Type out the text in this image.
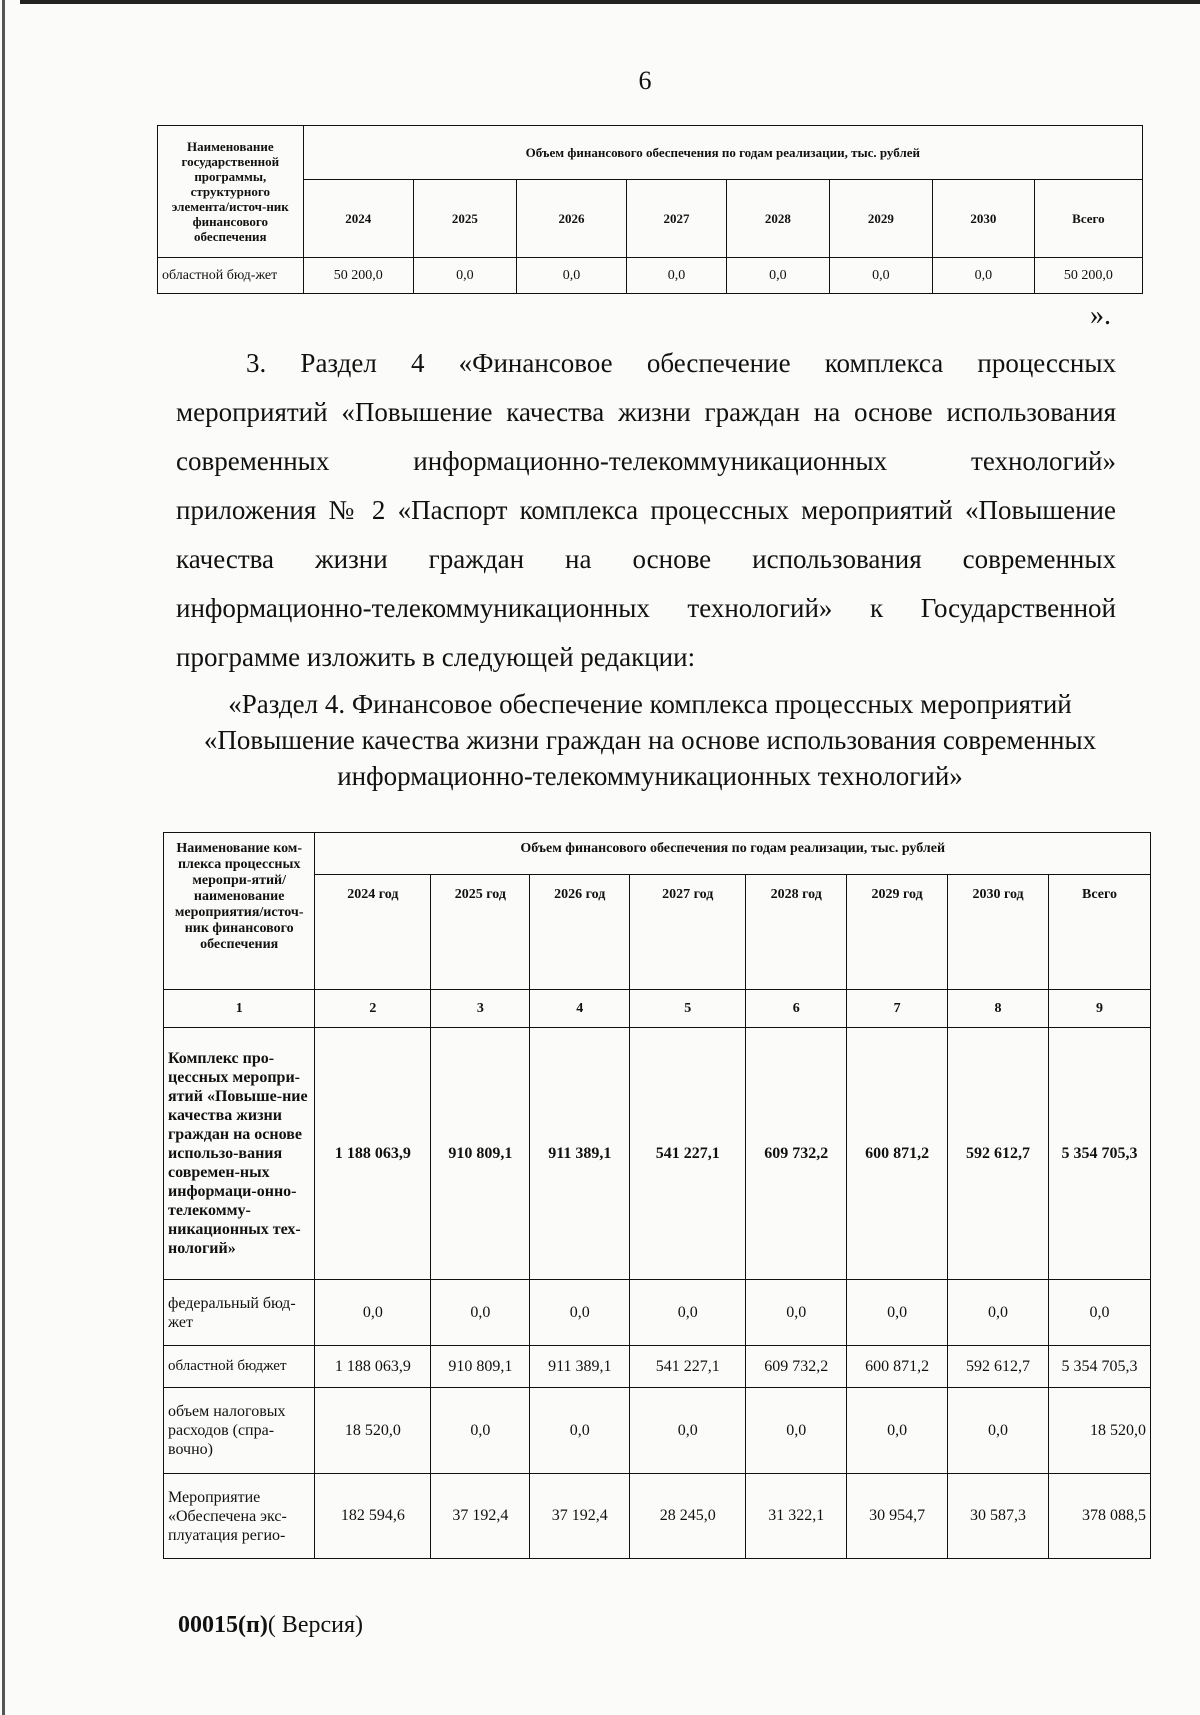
6
Наименование государственной программы, структурного элемента/источ-ник финансового обеспечения	Объем финансового обеспечения по годам реализации, тыс. рублей							
	2024	2025	2026	2027	2028	2029	2030	Всего
областной бюд-жет	50 200,0	0,0	0,0	0,0	0,0	0,0	0,0	50 200,0
».
3. Раздел 4 «Финансовое обеспечение комплекса процессных
мероприятий «Повышение качества жизни граждан на основе использования
современных информационно-телекоммуникационных технологий»
приложения № 2 «Паспорт комплекса процессных мероприятий «Повышение
качества жизни граждан на основе использования современных
информационно-телекоммуникационных технологий» к Государственной
программе изложить в следующей редакции:
«Раздел 4. Финансовое обеспечение комплекса процессных мероприятий
«Повышение качества жизни граждан на основе использования современных
информационно-телекоммуникационных технологий»
Наименование ком-плекса процессных меропри-ятий/наименование мероприятия/источ-ник финансового обеспечения	Объем финансового обеспечения по годам реализации, тыс. рублей							
	2024 год	2025 год	2026 год	2027 год	2028 год	2029 год	2030 год	Всего
1	2	3	4	5	6	7	8	9
Комплекс про-цессных меропри-ятий «Повыше-ние качества жизни граждан на основе использо-вания современ-ных информаци-онно-телекомму-никационных тех-нологий»	1 188 063,9	910 809,1	911 389,1	541 227,1	609 732,2	600 871,2	592 612,7	5 354 705,3
федеральный бюд-жет	0,0	0,0	0,0	0,0	0,0	0,0	0,0	0,0
областной бюджет	1 188 063,9	910 809,1	911 389,1	541 227,1	609 732,2	600 871,2	592 612,7	5 354 705,3
объем налоговых расходов (спра-вочно)	18 520,0	0,0	0,0	0,0	0,0	0,0	0,0	18 520,0
Мероприятие «Обеспечена экс-плуатация регио-	182 594,6	37 192,4	37 192,4	28 245,0	31 322,1	30 954,7	30 587,3	378 088,5
00015(п)( Версия)
